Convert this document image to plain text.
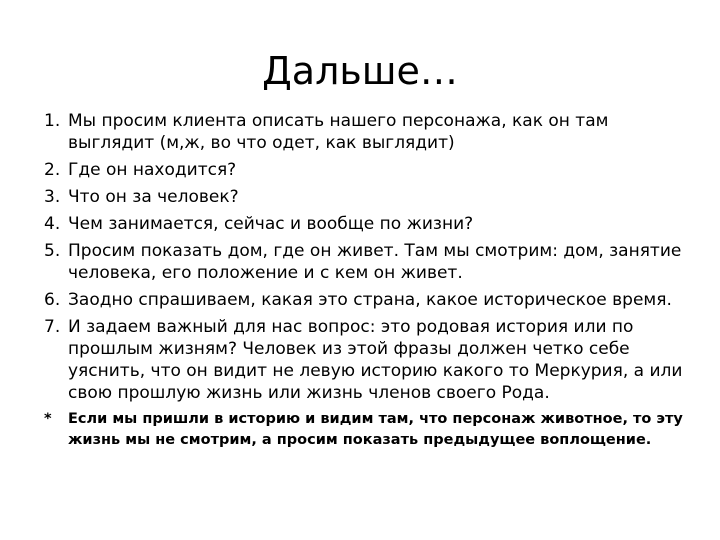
Дальше…
1. Мы просим клиента описать нашего персонажа, как он там выглядит (м,ж, во что одет, как выглядит)
2. Где он находится?
3. Что он за человек?
4. Чем занимается, сейчас и вообще по жизни?
5. Просим показать дом, где он живет. Там мы смотрим: дом, занятие человека, его положение и с кем он живет.
6. Заодно спрашиваем, какая это страна, какое историческое время.
7. И задаем важный для нас вопрос: это родовая история или по прошлым жизням? Человек из этой фразы должен четко себе уяснить, что он видит не левую историю какого то Меркурия, а или свою прошлую жизнь или жизнь членов своего Рода.
*	Если мы пришли в историю и видим там, что персонаж животное, то эту жизнь мы не смотрим, а просим показать предыдущее воплощение.
